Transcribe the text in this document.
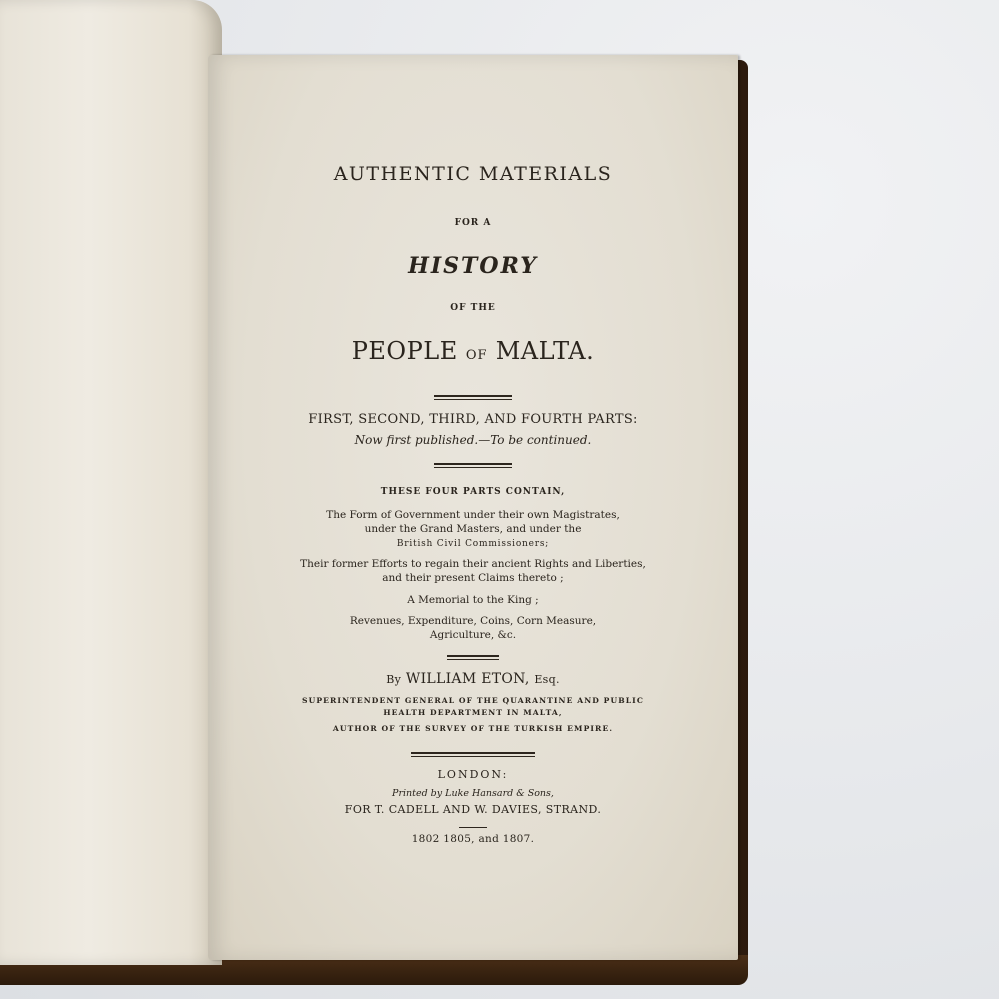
AUTHENTIC MATERIALS
FOR A
HISTORY
OF THE
PEOPLE OF MALTA.
FIRST, SECOND, THIRD, AND FOURTH PARTS:
Now first published.—To be continued.
THESE FOUR PARTS CONTAIN,
The Form of Government under their own Magistrates,
under the Grand Masters, and under the
British Civil Commissioners;
Their former Efforts to regain their ancient Rights and Liberties,
and their present Claims thereto ;
A Memorial to the King ;
Revenues, Expenditure, Coins, Corn Measure,
Agriculture, &c.
By WILLIAM ETON, Esq.
SUPERINTENDENT GENERAL OF THE QUARANTINE AND PUBLIC
HEALTH DEPARTMENT IN MALTA,
AUTHOR OF THE SURVEY OF THE TURKISH EMPIRE.
LONDON:
Printed by Luke Hansard & Sons,
FOR T. CADELL AND W. DAVIES, STRAND.
1802 1805, and 1807.
